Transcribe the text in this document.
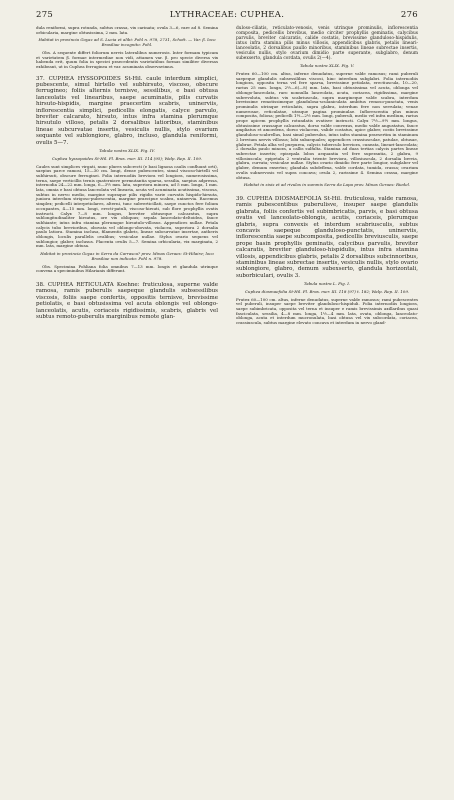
275	LYTHRACEAE: CUPHEA.	276

dula reniformi, supra rotunda, subtus crassa, vix carinata; ovula 3—6, rare ad 8. Semina orbicularia, margine obtusissima, 2 mm. lata.

Habitat in provincia Goyaz ad S. Lucia et alibi: Pohl n. 978, 2731, Schott. — Var. β. loco Brasiliae incognito: Pohl.

Obs. A sequente differt foliorum nervis lateralibus numerosis. Inter formam typicam et varietatem β. formae intermediae non vidi, attamen var. β. pro specie diversa vix habenda erit, quum folia in speciei praecedentis varietatibus formas similiter diversas exhibeant, ut in Cuphea ferruginea et var. acuminata observavimus.

37. CUPHEA HYSSOPOIDES St-Hil. caule interdum simplici, pubescente, simul hirtello vel subhirsuto, viscoso, obscure ferrugineo; foliis alternis ternisve, sessilibus, e basi obtusa lanceolatis vel linearibus, saepe acuminatis, pilis curvatis hirsuto-hispidis, margine praecertim scabris, uninerviis, inflorescentia simplici, pedicellis elongatis, calyce parvulo, breviter calcarato, hirsuto, intus infra stamina plerumque hirsutulo villoso, petalis 2 dorsalibus latioribus, staminibus lineae subcurvatae insertis, vesiculis nullis, stylo ovarium sequante vel sublongiore, glabro, incluso, glandula reniformi, ovulis 5—7.

Tabula nostra XLIX. Fig. IV.

Cuphea hyssopoides St-Hil. Fl. Bras. mer. III. 114 (95); Walp. Rep. II. 109.

Caules sunt simplices virgati, nunc plures subcrecti (e basi lignosa caulis confluunt orti), saepius parce ramosi, 15—30 cm. longi, dense pubescentes, simul viscoso-hirtelli vel subhirsuti, obscure ferruginei. Folia internodiis breviora vel longiora, numerosissima, terna, saepe verticillis ternis quaternisve permutantia sparsa, sessilia, saepius adpressa, internodia 24—22 mm. longa, 6—3½ mm. lata, superiora minora, ad 5 mm. longa, 1 mm. lata, omnia e basi obtusa lanceolata vel linearia, acuta vel acuminata acutissima, viscosa, subtus in nervo medio, margine supraque pilis rigidis varie curvatis hispido-hirsuta, juniora interdum strigoso-pubescentia, margine praecipue scabra, uninervia. Racemus simplex; pedicelli interpetiolares, alterni, tunc subverticillati, saepe cunctos fere folium occupantes, 4—15 mm. longi, erecti-patuli, viscoso-hirsuti, sub flore prophyllis ovatis instructi. Calyx 7—8 mm. longus, breviter obtuseque calcaratus, supra sublongitudinaliter hirsutus, ore vix obliquus; sepala lanceolato-deltoidea, fauce subhiante; intus infra stamina plerumque hirsutulo-villosus. Appendices nullae. Petala calycis tubo brevioribus, obovata vel oblongo-obovata, violacea, superiora 2 dorsalia paulo latiora. Stamina inclusa, filamentis glabris, lineae subcurvatae insertae, antheris oblongis, loculis parallelis ovalibus; vesiculae nullae. Stylus ovario sequens vel sublongior, glaber, inclusus. Placenta ovulis 5—7. Semina orbicularia, vix marginata, 2 mm. lata, margine obtusa.

Habitat in provincia Goyaz in Serra da Carrasca? prov. Minas Geraes: St-Hilaire; loco Brasiliae non indicato: Pohl n. 978.

Obs. Specimina Pohliana folia omnibus 7—13 mm. longis et glandula utrinque convexa a speciminibus Hilarianis differunt.

38. CUPHEA RETICULATA Koehne: fruticulosa, superne valde ramosa, ramis puberulis saepeque glandulis subsessilibus viscosis, foliis saepe confertis, oppositis ternisve, brevissime petiolatis, e basi obtusissima vel acuta oblongis vel oblongo-lanceolatis, acutis, coriaceis rigidissimis, scabris, glabris vel subtus remoto-puberulis marginibus remote glan-

duloso-ciliatis, reticulato-venosis, venis utrinque prominulis, inflorescentia composita, pedicellis brevibus, medio circiter prophyllis geminatis, calycibus parvulis, breviter calcaratis, calide costatis, brevissime glanduloso-hispidulis, intus infra stamina pilis minus villosis, appendicibus glabris, petalis lineari-lanceolatis, 2 dorsalibus paullo minoribus, staminibus lineae subrectae insertis, vesiculis nullis, stylo ovarium dimidio parte superante, subglabro, denum subexserto, glandula cordata, ovulis 2(—4).

Tabula nostra XLIX. Fig. V.

Frutex 60—100 cm. altus, inferne denudatus, superne valde ramosus; rami puberuli saepeque glandulis subsessilibus viscosi, hinc interdum subglabri. Folia internodiis longiora, opposita terna vel fere sparsa, brevissime petiolata, erectiuscula, 10—20, rarius 25 mm. longa, 2½—6(—8) mm. lata, basi obtusissima vel acuta, oblonga vel oblongo-lanceolata, raro nonnulla lanceolata, acuta, coriacea, rigidissima, margine subrevoluta, subtus vix scabriuscula, supra margineque valde scabra, interdum brevissime remotissimeque glandulosa-sculaniculata ambitus remoso-punctata, venis prominulis utrinque reticulatis, supra glabra, interdum fere non serrulata; venae numerosae, reticulatae, utraque pagina prominulae. Inflorescentia plus minus composita, foliosa; pedicelli 1½—2½ mm. longi, puberuli, medio vel infra medium, rarius prope apicem prophyllis rotundatis ovatisve instructi. Calyx 7½—9½ mm. longus, obtusissime crassaque calcaratus, dorso valde convexus, medio valde angustatus, fauce ampliatus et amoedens, dorso violaceus, valide costatus, apice glaber, costis brevissime glanduloso-scabrellus, basi simul puberulus, intus infra stamina praesertim in staminum 2 brevium nervis villosus; lobi subaequales; appendices crassiusculae, patulae, obtusae, glabrae. Petala alba vel purpurea, calycis tuberculo breviora, cuneata, lineari-lanceolata; 2 dorsalia paulo minora, a callis sulfulta. Stamina ad duas tertias calycis partes lineae subrectae insertis; episepala lobos aequantia vel fere superantia, 2 glabra, 9 villosiuscula; epipetala 2 ventralia triente breviora, villosiuscula, 2 dorsalia brevia, glabra, curvata; vesiculae nullae. Stylus ovario dimidio fere parte longior, subglaber vel glaber, demum exsertus; glandula subdeflexa, valde cordata, tumida, crassa; ovarium ovulis subnervosis vel supra concava; ovula 2, rarissime 4. Semina crassa, margine obtusa.

Habitat in sixis et ad rivulos in summis Serra da Lapa prov. Minas Geraes: Riedel.

39. CUPHEA DIOSMAEFOLIA St-Hil. fruticulosa, valde ramosa, ramis pubescentibus puberulisve, insuper saepe glandulis glabrata, foliis confertis vel subimbricatis, parvis, e basi obtusa ovatis vel lanceolato-oblongis, acutis, coriaceis, plerumque glabris, supra convexis et interdum scabriusculis, subtus concavis saepeque glanduloso-punctatis, uninerviis, inflorescentia saepe subcomposita, pedicellis breviusculis, saepe prope basin prophyllis geminatis, calycibus parvulis, breviter calcaratis, breviter glanduloso-hispidulis, intus infra stamina villosis, appendicibus glabris, petalis 2 dorsalibus subcinnoribus, staminibus lineae subrectae insertis, vesiculis nullis, stylo ovario sublongiore, glabro, demum subexserto, glandula horizontali, suborbiculari, ovulis 3.

Tabula nostra L. Fig. I.

Cuphea diosmaefolia St-Hil. Fl. Bras. mer. III. 118 (97) t. 182; Walp. Rep. II. 109.

Frutex 60—100 cm. altus, inferne denudatus, superne valde ramosus; rami pubescentes vel puberuli, insuper saepe breviter glanduloso-hispiduli. Folia internodiis longiora, saepe subimbricata, opposita vel terna et insuper e ramis brevissimis axillaribus quasi fasciculata, sessilia, 4—8 mm. longa, 1½—4 mm. lata, ovata, oblonga, lanceolato-oblonga, acuta et interdum mucronulata, basi obtusa vel vix subcordata, coriacea, crassiuscula, subtus margine elevato concava et interdum in nervo gland-
